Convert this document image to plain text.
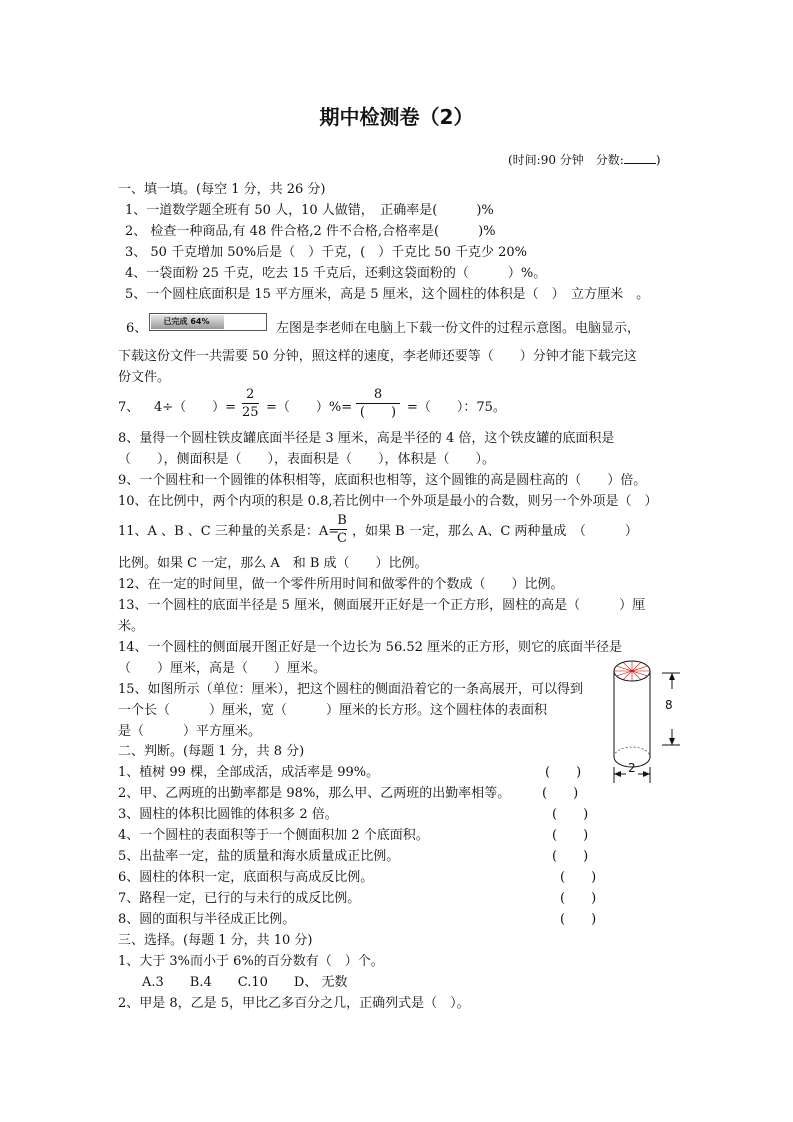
期中检测卷（2）
(时间:90 分钟　分数:	)
一、填一填。(每空 1 分，共 26 分)
1、一道数学题全班有 50 人，10 人做错，　正确率是(　　　)%
2、 检查一种商品,有 48 件合格,2 件不合格,合格率是(　　　)%
3、 50 千克增加 50%后是（　）千克，(　）千克比 50 千克少 20%
4、一袋面粉 25 千克，吃去 15 千克后，还剩这袋面粉的（　　　）%。
5、一个圆柱底面积是 15 平方厘米，高是 5 厘米，这个圆柱的体积是（　）　立方厘米　。
6、	已完成 64%	左图是李老师在电脑上下载一份文件的过程示意图。电脑显示，
下载这份文件一共需要 50 分钟，照这样的速度，李老师还要等（　　）分钟才能下载完这
份文件。
7、 4÷（　　）=
2
25 =（　　）%=
8
(　　) =（　　）：75。
8、量得一个圆柱铁皮罐底面半径是 3 厘米，高是半径的 4 倍，这个铁皮罐的底面积是
（　　），侧面积是（　　），表面积是（　　），体积是（　　）。
9、一个圆柱和一个圆锥的体积相等，底面积也相等，这个圆锥的高是圆柱高的（　　）倍。
10、在比例中，两个内项的积是 0.8,若比例中一个外项是最小的合数，则另一个外项是（　）
11、A 、B 、C 三种量的关系是：A=
B
C ，如果 B 一定，那么 A、C 两种量成　（　　　）
比例。如果 C 一定，那么 A　和 B 成（　　）比例。
12、在一定的时间里，做一个零件所用时间和做零件的个数成（　　）比例。
13、一个圆柱的底面半径是 5 厘米，侧面展开正好是一个正方形，圆柱的高是（　　　）厘
米。
14、一个圆柱的侧面展开图正好是一个边长为 56.52 厘米的正方形，则它的底面半径是
（　　）厘米，高是（　　）厘米。
15、如图所示（单位：厘米），把这个圆柱的侧面沿着它的一条高展开，可以得到
一个长（　　　）厘米，宽（　　　）厘米的长方形。这个圆柱体的表面积
是（　　　）平方厘米。
8
2
二、判断。(每题 1 分，共 8 分)
1、植树 99 棵，全部成活，成活率是 99%。
2、甲、乙两班的出勤率都是 98%，那么甲、乙两班的出勤率相等。
3、圆柱的体积比圆锥的体积多 2 倍。
4、一个圆柱的表面积等于一个侧面积加 2 个底面积。
5、出盐率一定，盐的质量和海水质量成正比例。
6、圆柱的体积一定，底面积与高成反比例。
7、路程一定，已行的与未行的成反比例。
8、圆的面积与半径成正比例。
(　　)
(　　)
(　　)
(　　)
(　　)
(　　)
(　　)
(　　)
三、选择。(每题 1 分，共 10 分)
1、大于 3%而小于 6%的百分数有（　）个。
A.3　　B.4　　C.10　　D、 无数
2、甲是 8，乙是 5，甲比乙多百分之几，正确列式是（　）。
